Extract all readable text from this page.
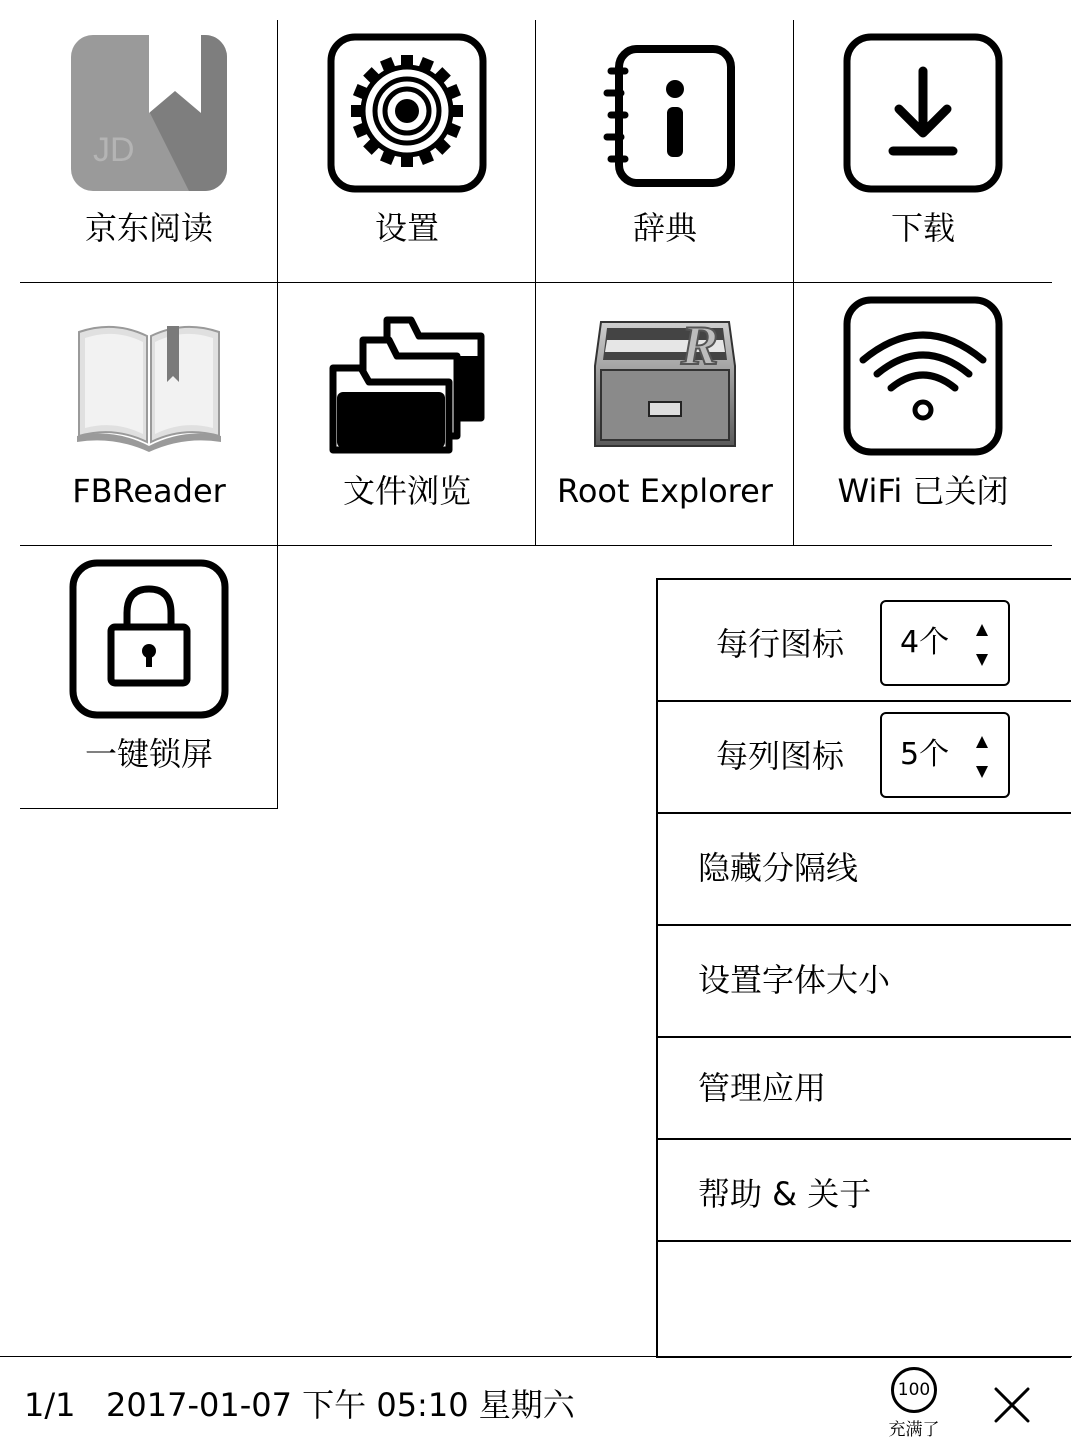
JD
京东阅读	设置	辞典	下载
FBReader	文件浏览
R
Root Explorer	WiFi 已关闭
一键锁屏
每行图标 4个
每列图标 5个
隐藏分隔线
设置字体大小
管理应用
帮助 & 关于
1/1 2017-01-07 下午 05:10 星期六	100
充满了
